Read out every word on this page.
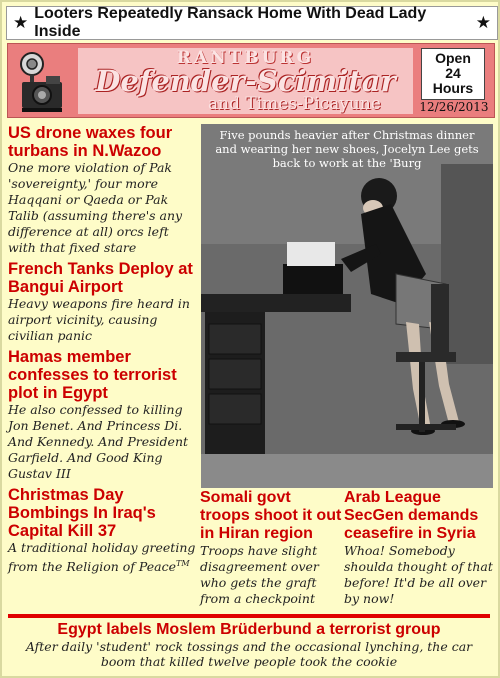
★ Looters Repeatedly Ransack Home With Dead Lady Inside	★
RANTBURG
Defender-Scimitar
and Times-Picayune
Open
24
Hours
12/26/2013
US drone waxes four turbans in N.Wazoo
One more violation of Pak 'sovereignty,' four more Haqqani or Qaeda or Pak Talib (assuming there's any difference at all) orcs left with that fixed stare
French Tanks Deploy at Bangui Airport
Heavy weapons fire heard in airport vicinity, causing civilian panic
Hamas member confesses to terrorist plot in Egypt
He also confessed to killing Jon Benet. And Princess Di. And Kennedy. And President Garfield. And Good King Gustav III
Christmas Day Bombings In Iraq's Capital Kill 37
A traditional holiday greeting from the Religion of Peace™
Five pounds heavier after Christmas dinner and wearing her new shoes, Jocelyn Lee gets back to work at the 'Burg
Somali govt troops shoot it out in Hiran region
Troops have slight disagreement over who gets the graft from a checkpoint
Arab League SecGen demands ceasefire in Syria
Whoa! Somebody shoulda thought of that before! It'd be all over by now!
Egypt labels Moslem Brüderbund a terrorist group
After daily 'student' rock tossings and the occasional lynching, the car boom that killed twelve people took the cookie
